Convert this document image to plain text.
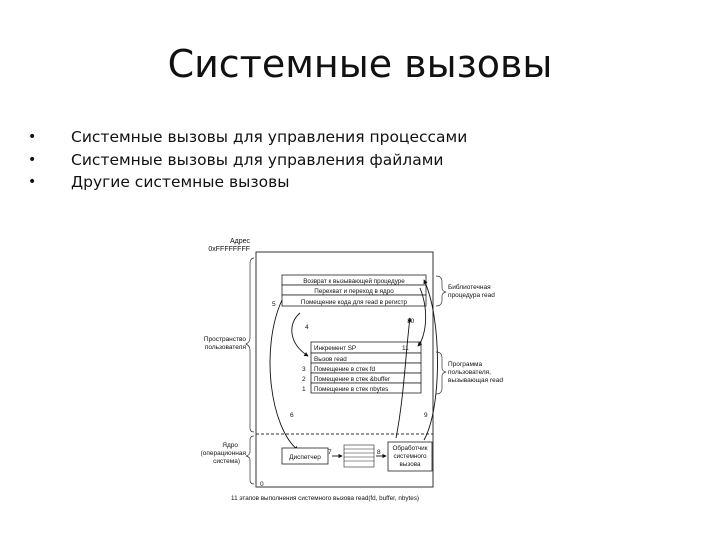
Системные вызовы
• Системные вызовы для управления процессами
• Системные вызовы для управления файлами
• Другие системные вызовы
Адрес
0xFFFFFFFF
Возврат к вызывающей процедуре
Перехват и переход в ядро
Помещение кода для read в регистр
Инкремент SP
Вызов read
Помещение в стек fd
Помещение в стек &buffer
Помещение в стек nbytes
5
4
10
11
3
2
1
6	9
7	8
0
Диспетчер
Обработчик
системного
вызова
Пространство
пользователя
Ядро
(операционная
система)
Библиотечная
процедура read
Программа
пользователя,
вызывающая read
11 этапов выполнения системного вызова read(fd, buffer, nbytes)
